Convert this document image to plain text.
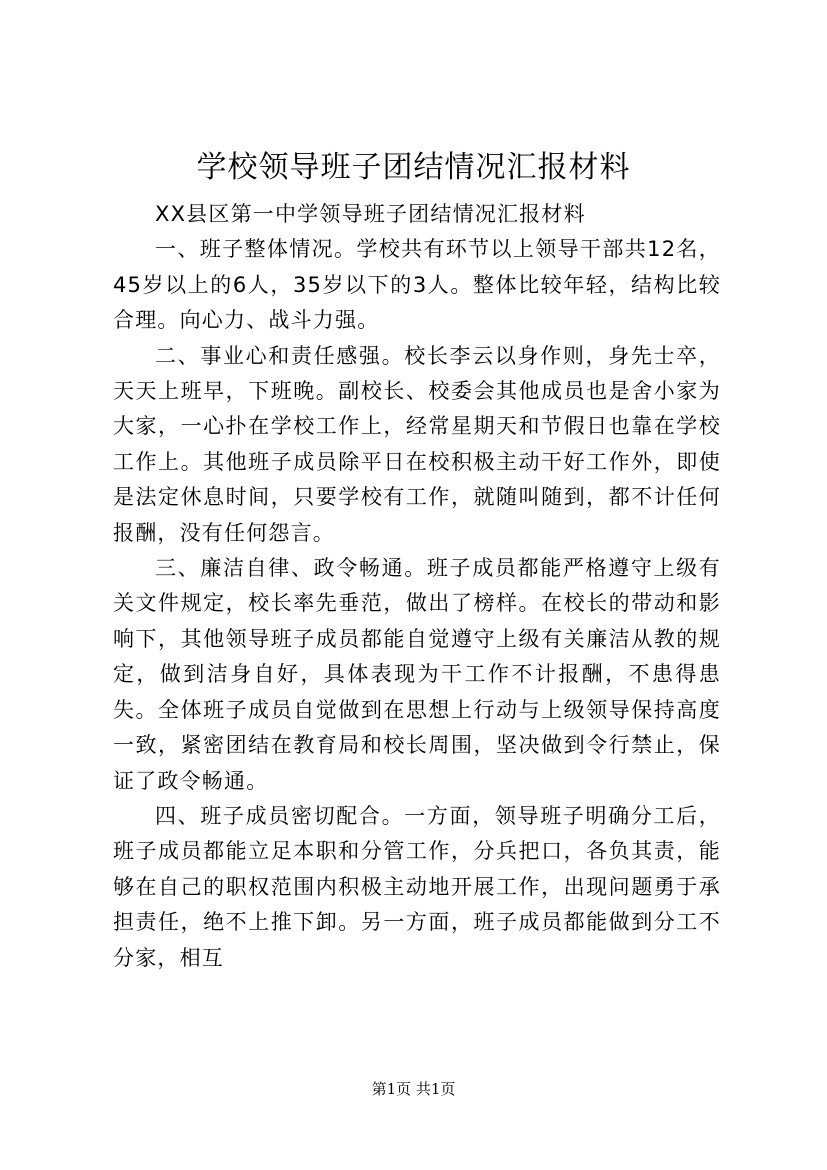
学校领导班子团结情况汇报材料

XX县区第一中学领导班子团结情况汇报材料

一、班子整体情况。学校共有环节以上领导干部共12名，45岁以上的6人，35岁以下的3人。整体比较年轻，结构比较合理。向心力、战斗力强。

二、事业心和责任感强。校长李云以身作则，身先士卒，天天上班早，下班晚。副校长、校委会其他成员也是舍小家为大家，一心扑在学校工作上，经常星期天和节假日也靠在学校工作上。其他班子成员除平日在校积极主动干好工作外，即使是法定休息时间，只要学校有工作，就随叫随到，都不计任何报酬，没有任何怨言。

三、廉洁自律、政令畅通。班子成员都能严格遵守上级有关文件规定，校长率先垂范，做出了榜样。在校长的带动和影响下，其他领导班子成员都能自觉遵守上级有关廉洁从教的规定，做到洁身自好，具体表现为干工作不计报酬，不患得患失。全体班子成员自觉做到在思想上行动与上级领导保持高度一致，紧密团结在教育局和校长周围，坚决做到令行禁止，保证了政令畅通。

四、班子成员密切配合。一方面，领导班子明确分工后，班子成员都能立足本职和分管工作，分兵把口，各负其责，能够在自己的职权范围内积极主动地开展工作，出现问题勇于承担责任，绝不上推下卸。另一方面，班子成员都能做到分工不分家，相互

第1页 共1页
